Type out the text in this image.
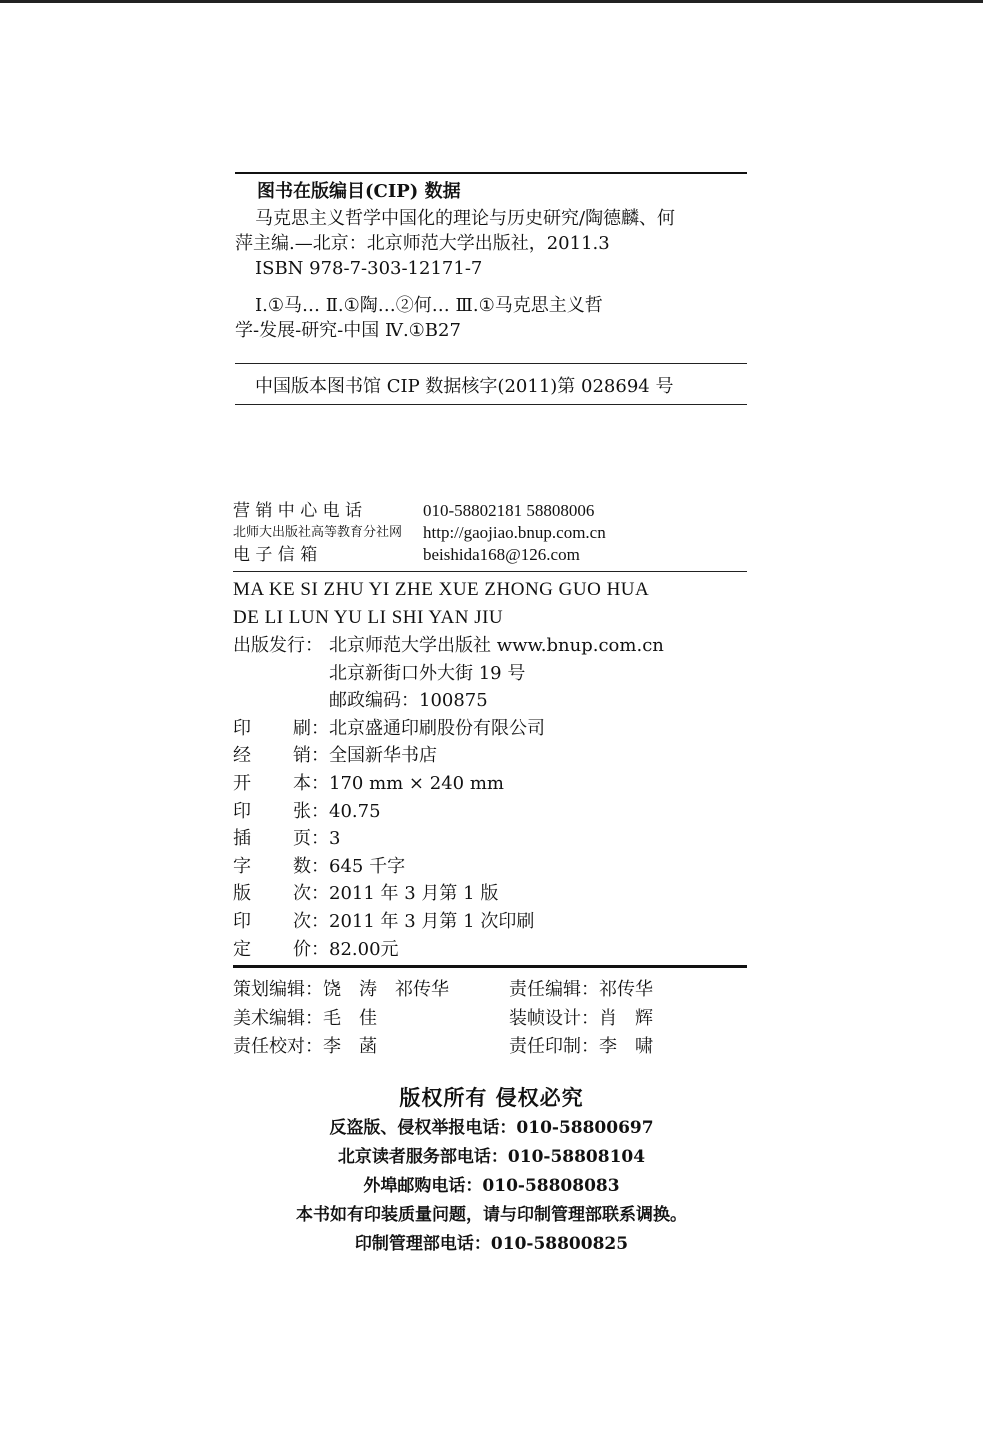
图书在版编目(CIP) 数据
马克思主义哲学中国化的理论与历史研究/陶德麟、何
萍主编.—北京：北京师范大学出版社，2011.3
ISBN 978-7-303-12171-7
Ⅰ.①马… Ⅱ.①陶…②何… Ⅲ.①马克思主义哲
学-发展-研究-中国 Ⅳ.①B27
中国版本图书馆 CIP 数据核字(2011)第 028694 号
营 销 中 心 电 话	010-58802181 58808006
北师大出版社高等教育分社网	http://gaojiao.bnup.com.cn
电 子 信 箱	beishida168@126.com
MA KE SI ZHU YI ZHE XUE ZHONG GUO HUA
DE LI LUN YU LI SHI YAN JIU
出版发行： 北京师范大学出版社 www.bnup.com.cn
北京新街口外大街 19 号
邮政编码：100875
印 刷： 北京盛通印刷股份有限公司
经 销： 全国新华书店
开 本： 170 mm × 240 mm
印 张： 40.75
插 页： 3
字 数： 645 千字
版 次： 2011 年 3 月第 1 版
印 次： 2011 年 3 月第 1 次印刷
定 价： 82.00元
策划编辑：饶　涛　祁传华	责任编辑：祁传华
美术编辑：毛　佳	装帧设计：肖　辉
责任校对：李　菡	责任印制：李　啸
版权所有 侵权必究
反盗版、侵权举报电话：010-58800697
北京读者服务部电话：010-58808104
外埠邮购电话：010-58808083
本书如有印装质量问题，请与印制管理部联系调换。
印制管理部电话：010-58800825
